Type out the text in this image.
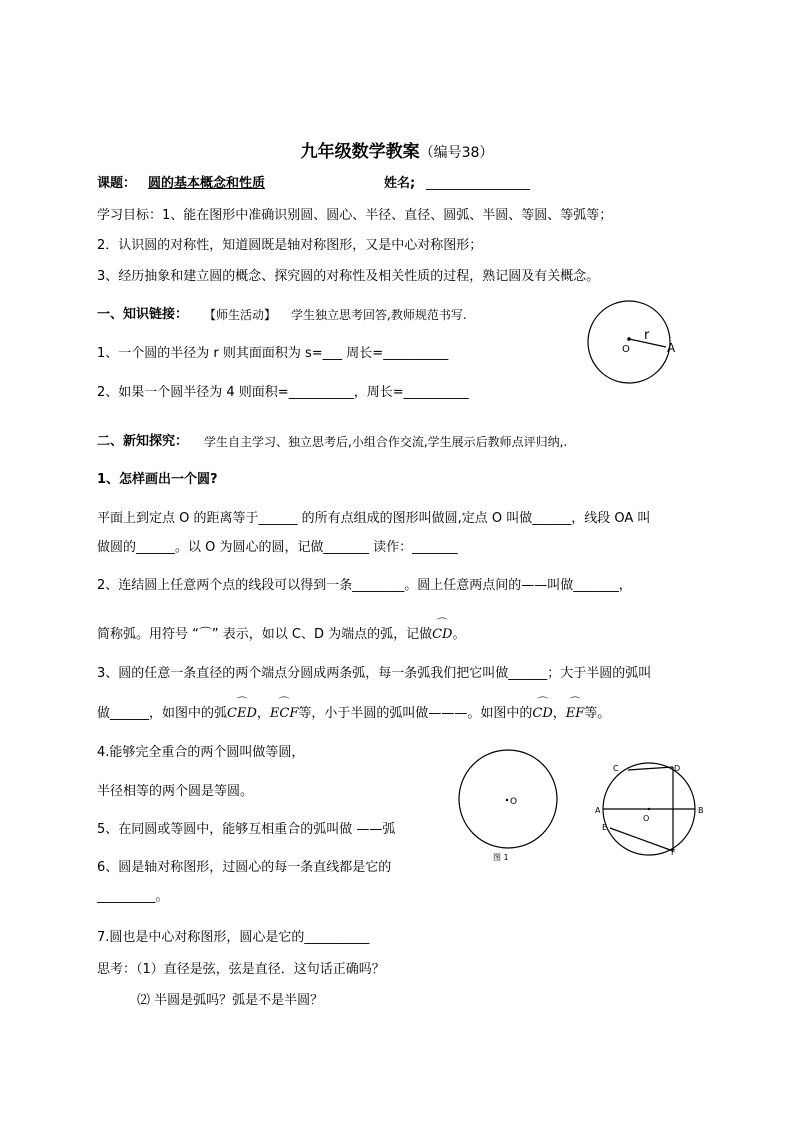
九年级数学教案（编号38）
课题： 圆的基本概念和性质	姓名; ________________
学习目标：1、能在图形中准确识别圆、圆心、半径、直径、圆弧、半圆、等圆、等弧等；
2．认识圆的对称性，知道圆既是轴对称图形，又是中心对称图形；
3、经历抽象和建立圆的概念、探究圆的对称性及相关性质的过程，熟记圆及有关概念。
一、知识链接： 【师生活动】 学生独立思考回答,教师规范书写.
1、一个圆的半径为 r 则其面面积为 s=___ 周长=__________
2、如果一个圆半径为 4 则面积=__________，周长=__________
O
r
A
二、新知探究： 学生自主学习、独立思考后,小组合作交流,学生展示后教师点评归纳,.
1、怎样画出一个圆?
平面上到定点 O 的距离等于______ 的所有点组成的图形叫做圆,定点 O 叫做______，线段 OA 叫
做圆的______。以 O 为圆心的圆，记做_______ 读作：_______
2、连结圆上任意两个点的线段可以得到一条________。圆上任意两点间的——叫做_______，
简称弧。用符号 “⌒” 表示，如以 C、D 为端点的弧，记做⌒ CD。
3、圆的任意一条直径的两个端点分圆成两条弧，每一条弧我们把它叫做______；大于半圆的弧叫
做______，如图中的弧⌒ CED，⌒ ECF等，小于半圆的弧叫做———。如图中的⌒ CD，⌒ EF等。
4.能够完全重合的两个圆叫做等圆，
半径相等的两个圆是等圆。
5、在同圆或等圆中，能够互相重合的弧叫做 ——弧
6、圆是轴对称图形，过圆心的每一条直线都是它的
_________。
7.圆也是中心对称图形，圆心是它的__________
思考：（1）直径是弦，弦是直径．这句话正确吗？
⑵ 半圆是弧吗？弧是不是半圆？
O
图 1
C	D
A	B
O
E
F
